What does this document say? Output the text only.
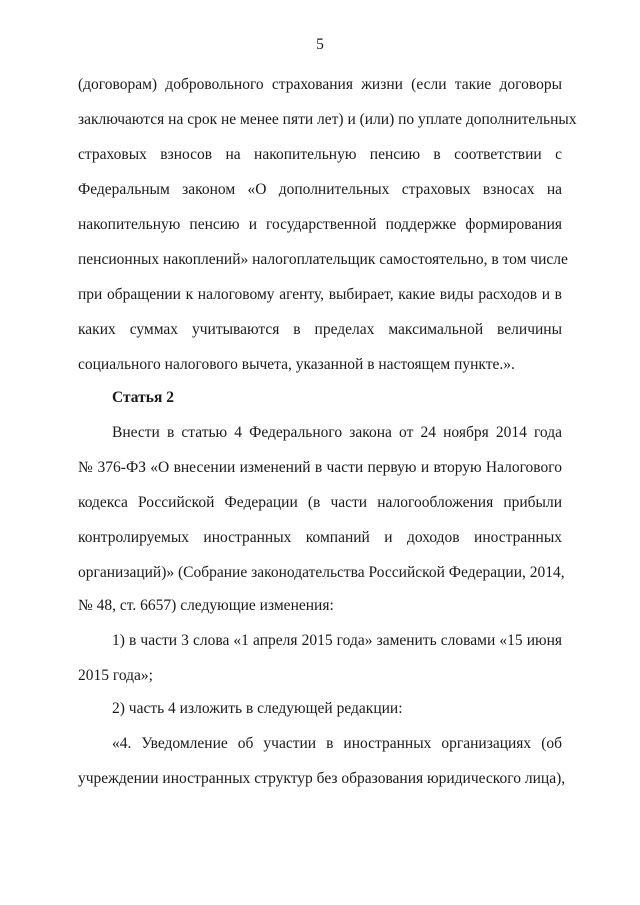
5
(договорам) добровольного страхования жизни (если такие договоры
заключаются на срок не менее пяти лет) и (или) по уплате дополнительных
страховых взносов на накопительную пенсию в соответствии с
Федеральным законом «О дополнительных страховых взносах на
накопительную пенсию и государственной поддержке формирования
пенсионных накоплений» налогоплательщик самостоятельно, в том числе
при обращении к налоговому агенту, выбирает, какие виды расходов и в
каких суммах учитываются в пределах максимальной величины
социального налогового вычета, указанной в настоящем пункте.».
Статья 2
Внести в статью 4 Федерального закона от 24 ноября 2014 года
№ 376-ФЗ «О внесении изменений в части первую и вторую Налогового
кодекса Российской Федерации (в части налогообложения прибыли
контролируемых иностранных компаний и доходов иностранных
организаций)» (Собрание законодательства Российской Федерации, 2014,
№ 48, ст. 6657) следующие изменения:
1) в части 3 слова «1 апреля 2015 года» заменить словами «15 июня
2015 года»;
2) часть 4 изложить в следующей редакции:
«4. Уведомление об участии в иностранных организациях (об
учреждении иностранных структур без образования юридического лица),
